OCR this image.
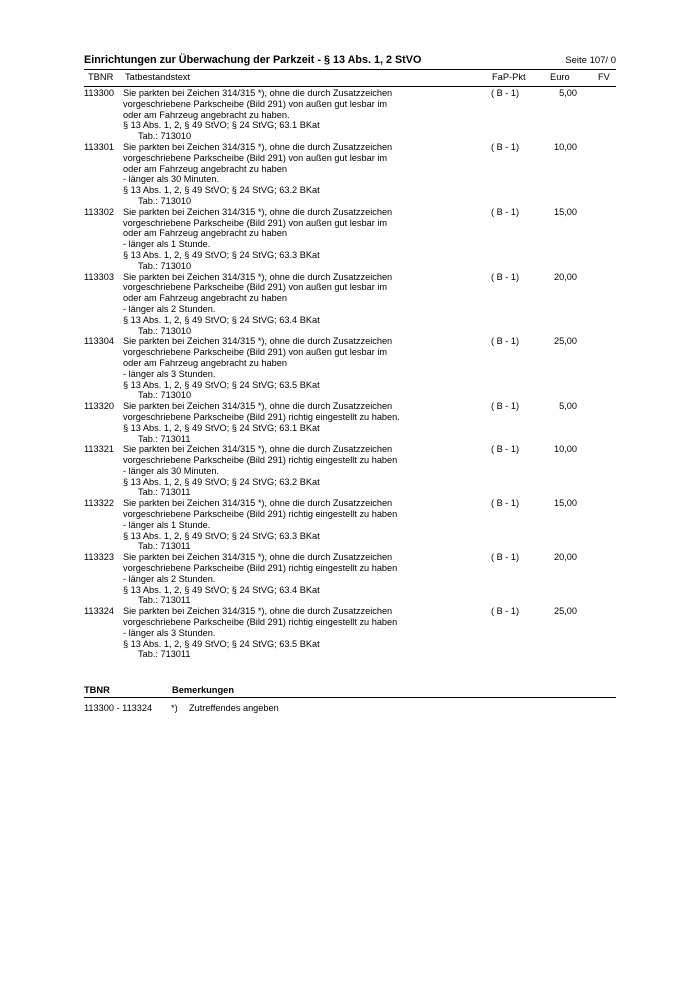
Einrichtungen zur Überwachung der Parkzeit - § 13 Abs. 1, 2 StVO	Seite 107/ 0
TBNR Tatbestandstext	FaP-Pkt	Euro	FV
113300 Sie parkten bei Zeichen 314/315 *), ohne die durch Zusatzzeichen
vorgeschriebene Parkscheibe (Bild 291) von außen gut lesbar im
oder am Fahrzeug angebracht zu haben.
§ 13 Abs. 1, 2, § 49 StVO; § 24 StVG; 63.1 BKat
Tab.: 713010
( B - 1)	5,00
113301 Sie parkten bei Zeichen 314/315 *), ohne die durch Zusatzzeichen
vorgeschriebene Parkscheibe (Bild 291) von außen gut lesbar im
oder am Fahrzeug angebracht zu haben
- länger als 30 Minuten.
§ 13 Abs. 1, 2, § 49 StVO; § 24 StVG; 63.2 BKat
Tab.: 713010
( B - 1)	10,00
113302 Sie parkten bei Zeichen 314/315 *), ohne die durch Zusatzzeichen
vorgeschriebene Parkscheibe (Bild 291) von außen gut lesbar im
oder am Fahrzeug angebracht zu haben
- länger als 1 Stunde.
§ 13 Abs. 1, 2, § 49 StVO; § 24 StVG; 63.3 BKat
Tab.: 713010
( B - 1)	15,00
113303 Sie parkten bei Zeichen 314/315 *), ohne die durch Zusatzzeichen
vorgeschriebene Parkscheibe (Bild 291) von außen gut lesbar im
oder am Fahrzeug angebracht zu haben
- länger als 2 Stunden.
§ 13 Abs. 1, 2, § 49 StVO; § 24 StVG; 63.4 BKat
Tab.: 713010
( B - 1)	20,00
113304 Sie parkten bei Zeichen 314/315 *), ohne die durch Zusatzzeichen
vorgeschriebene Parkscheibe (Bild 291) von außen gut lesbar im
oder am Fahrzeug angebracht zu haben
- länger als 3 Stunden.
§ 13 Abs. 1, 2, § 49 StVO; § 24 StVG; 63.5 BKat
Tab.: 713010
( B - 1)	25,00
113320 Sie parkten bei Zeichen 314/315 *), ohne die durch Zusatzzeichen
vorgeschriebene Parkscheibe (Bild 291) richtig eingestellt zu haben.
§ 13 Abs. 1, 2, § 49 StVO; § 24 StVG; 63.1 BKat
Tab.: 713011
( B - 1)	5,00
113321 Sie parkten bei Zeichen 314/315 *), ohne die durch Zusatzzeichen
vorgeschriebene Parkscheibe (Bild 291) richtig eingestellt zu haben
- länger als 30 Minuten.
§ 13 Abs. 1, 2, § 49 StVO; § 24 StVG; 63.2 BKat
Tab.: 713011
( B - 1)	10,00
113322 Sie parkten bei Zeichen 314/315 *), ohne die durch Zusatzzeichen
vorgeschriebene Parkscheibe (Bild 291) richtig eingestellt zu haben
- länger als 1 Stunde.
§ 13 Abs. 1, 2, § 49 StVO; § 24 StVG; 63.3 BKat
Tab.: 713011
( B - 1)	15,00
113323 Sie parkten bei Zeichen 314/315 *), ohne die durch Zusatzzeichen
vorgeschriebene Parkscheibe (Bild 291) richtig eingestellt zu haben
- länger als 2 Stunden.
§ 13 Abs. 1, 2, § 49 StVO; § 24 StVG; 63.4 BKat
Tab.: 713011
( B - 1)	20,00
113324 Sie parkten bei Zeichen 314/315 *), ohne die durch Zusatzzeichen
vorgeschriebene Parkscheibe (Bild 291) richtig eingestellt zu haben
- länger als 3 Stunden.
§ 13 Abs. 1, 2, § 49 StVO; § 24 StVG; 63.5 BKat
Tab.: 713011
( B - 1)	25,00
TBNR	Bemerkungen
113300 - 113324 *) Zutreffendes angeben
